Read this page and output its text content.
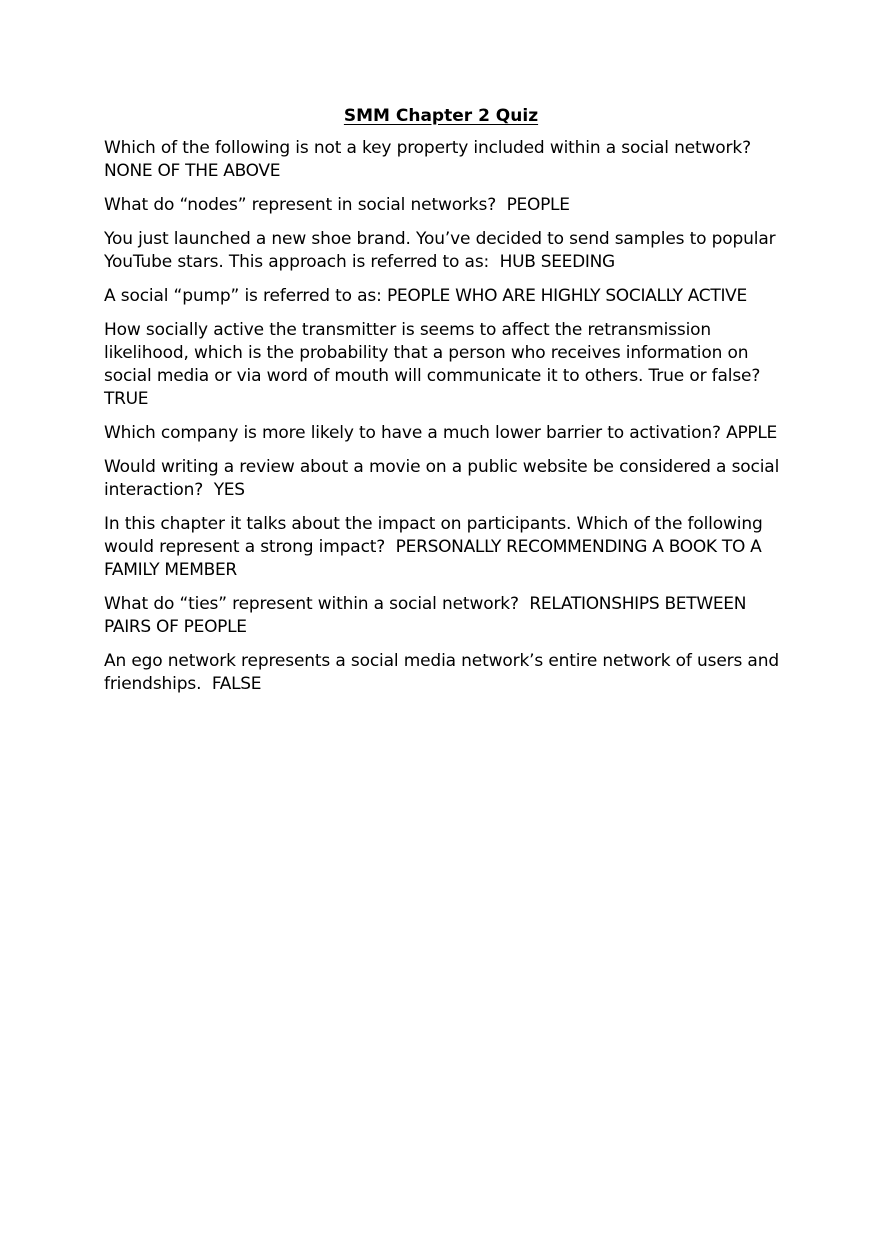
SMM Chapter 2 Quiz

Which of the following is not a key property included within a social network? NONE OF THE ABOVE

What do “nodes” represent in social networks? PEOPLE

You just launched a new shoe brand. You’ve decided to send samples to popular YouTube stars. This approach is referred to as: HUB SEEDING

A social “pump” is referred to as: PEOPLE WHO ARE HIGHLY SOCIALLY ACTIVE

How socially active the transmitter is seems to affect the retransmission likelihood, which is the probability that a person who receives information on social media or via word of mouth will communicate it to others. True or false?  TRUE

Which company is more likely to have a much lower barrier to activation? APPLE

Would writing a review about a movie on a public website be considered a social interaction? YES

In this chapter it talks about the impact on participants. Which of the following would represent a strong impact? PERSONALLY RECOMMENDING A BOOK TO A FAMILY MEMBER

What do “ties” represent within a social network? RELATIONSHIPS BETWEEN PAIRS OF PEOPLE

An ego network represents a social media network’s entire network of users and friendships. FALSE
